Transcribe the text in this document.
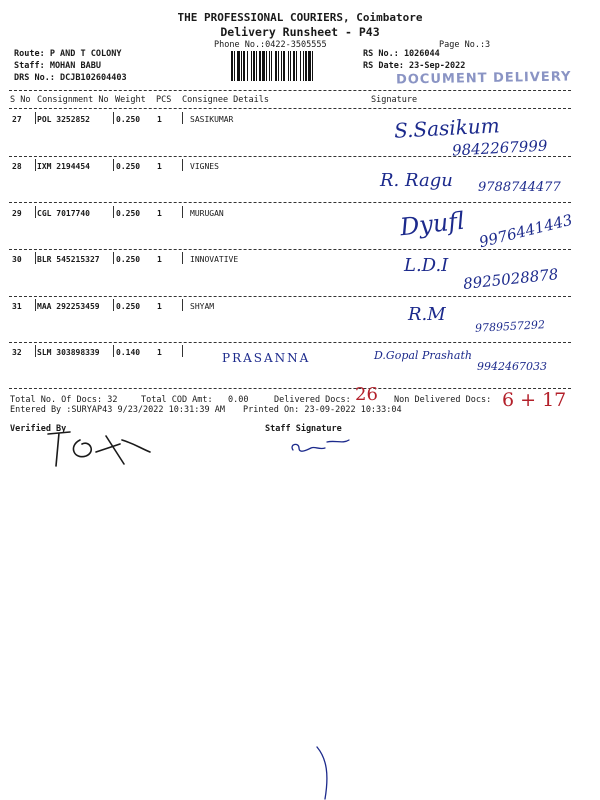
THE PROFESSIONAL COURIERS, Coimbatore
Delivery Runsheet - P43
Phone No.:0422-3505555	Page No.:3
Route: P AND T COLONY
Staff: MOHAN BABU
DRS No.: DCJB102604403
RS No.: 1026044
RS Date: 23-Sep-2022
DOCUMENT DELIVERY
S No Consignment No Weight PCS Consignee Details	Signature
27 POL 3252852	0.250 1	SASIKUMAR	S.Sasikum
9842267999
28 IXM 2194454	0.250 1	VIGNES
R. Ragu 9788744477
29 CGL 7017740	0.250 1	MURUGAN	Dyufl 9976441443
30 BLR 545215327 0.250 1	INNOVATIVE	L.D.I 8925028878
31 MAA 292253459 0.250 1	SHYAM	R.M
9789557292
32 SLM 303898339 0.140 1	PRASANNA	D.Gopal Prashath
9942467033
Total No. Of Docs: 32	Total COD Amt: 0.00	Delivered Docs: 26 Non Delivered Docs: 6 + 17
Entered By :SURYAP43 9/23/2022 10:31:39 AM Printed On: 23-09-2022 10:33:04
Verified By	Staff Signature
